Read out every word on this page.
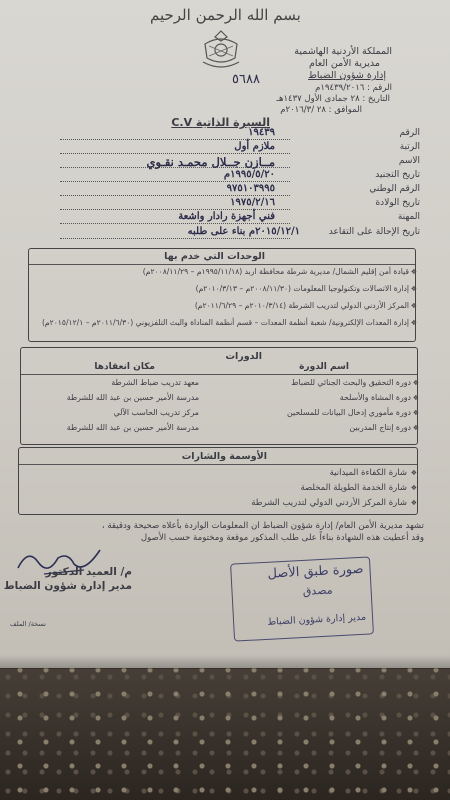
بسم الله الرحمن الرحيم
المملكة الأردنية الهاشمية
مديرية الأمن العام
إدارة شؤون الضباط
الرقم : ١٩٤٣٩/٢٠١٦م
التاريخ : ٢٨ جمادى الأول ١٤٣٧هـ
الموافق : ٢٨ /٢٠١٦/٣م
٥٦٨٨
السيرة الذاتية C.V
الرقم
١٩٤٣٩
الرتبة
ملازم أول
الاسم
مــازن جــلال محمـد نقـوي
تاريخ التجنيد
١٩٩٥/٥/٢٠م
الرقم الوطني
٩٧٥١٠٣٩٩٥
تاريخ الولادة
١٩٧٥/٢/١٦
المهنة
فني أجهزة رادار واشعة
تاريخ الإحالة على التقاعد
٢٠١٥/١٢/١م بناء على طلبه
الوحدات التي خدم بها
قيادة أمن إقليم الشمال/ مديرية شرطة محافظة اربد (١٩٩٥/١١/١٨م – ٢٠٠٨/١١/٢٩م) ❖
إدارة الاتصالات وتكنولوجيا المعلومات (٢٠٠٨/١١/٣٠م – ٢٠١٠/٣/١٣م) ❖
المركز الأردني الدولي لتدريب الشرطة (٢٠١٠/٣/١٤م – ٢٠١١/٦/٢٩م) ❖
إدارة المعدات الإلكترونية/ شعبة أنظمة المعدات – قسم أنظمة المناداة والبث التلفزيوني (٢٠١١/٦/٣٠م – ٢٠١٥/١٢/١م) ❖
الدورات
اسم الدورة
مكان انعقادها
دورة التحقيق والبحث الجنائي للضباط
معهد تدريب ضباط الشرطة	❖
دورة المشاة والأسلحة
مدرسة الأمير حسين بن عبد الله للشرطة	❖
دورة مأموري إدخال البيانات للمسلحين
مركز تدريب الحاسب الآلي	❖
دورة إنتاج المدربين
مدرسة الأمير حسين بن عبد الله للشرطة	❖
الأوسمة والشارات
شارة الكفاءة الميدانية ❖
شارة الخدمة الطويلة المخلصة ❖
شارة المركز الأردني الدولي لتدريب الشرطة ❖
تشهد مديرية الأمن العام/ إدارة شؤون الضباط ان المعلومات الواردة بأعلاه صحيحة ودقيقة ،
وقد أعطيت هذه الشهادة بناءاً على طلب المذكور موقعة ومختومة حسب الأصول
م/ العميد الدكتور
مدير إدارة شؤون الضباط
صورة طبق الأصل
مصدق
مدير إدارة شؤون الضباط
نسخة/ الملف
